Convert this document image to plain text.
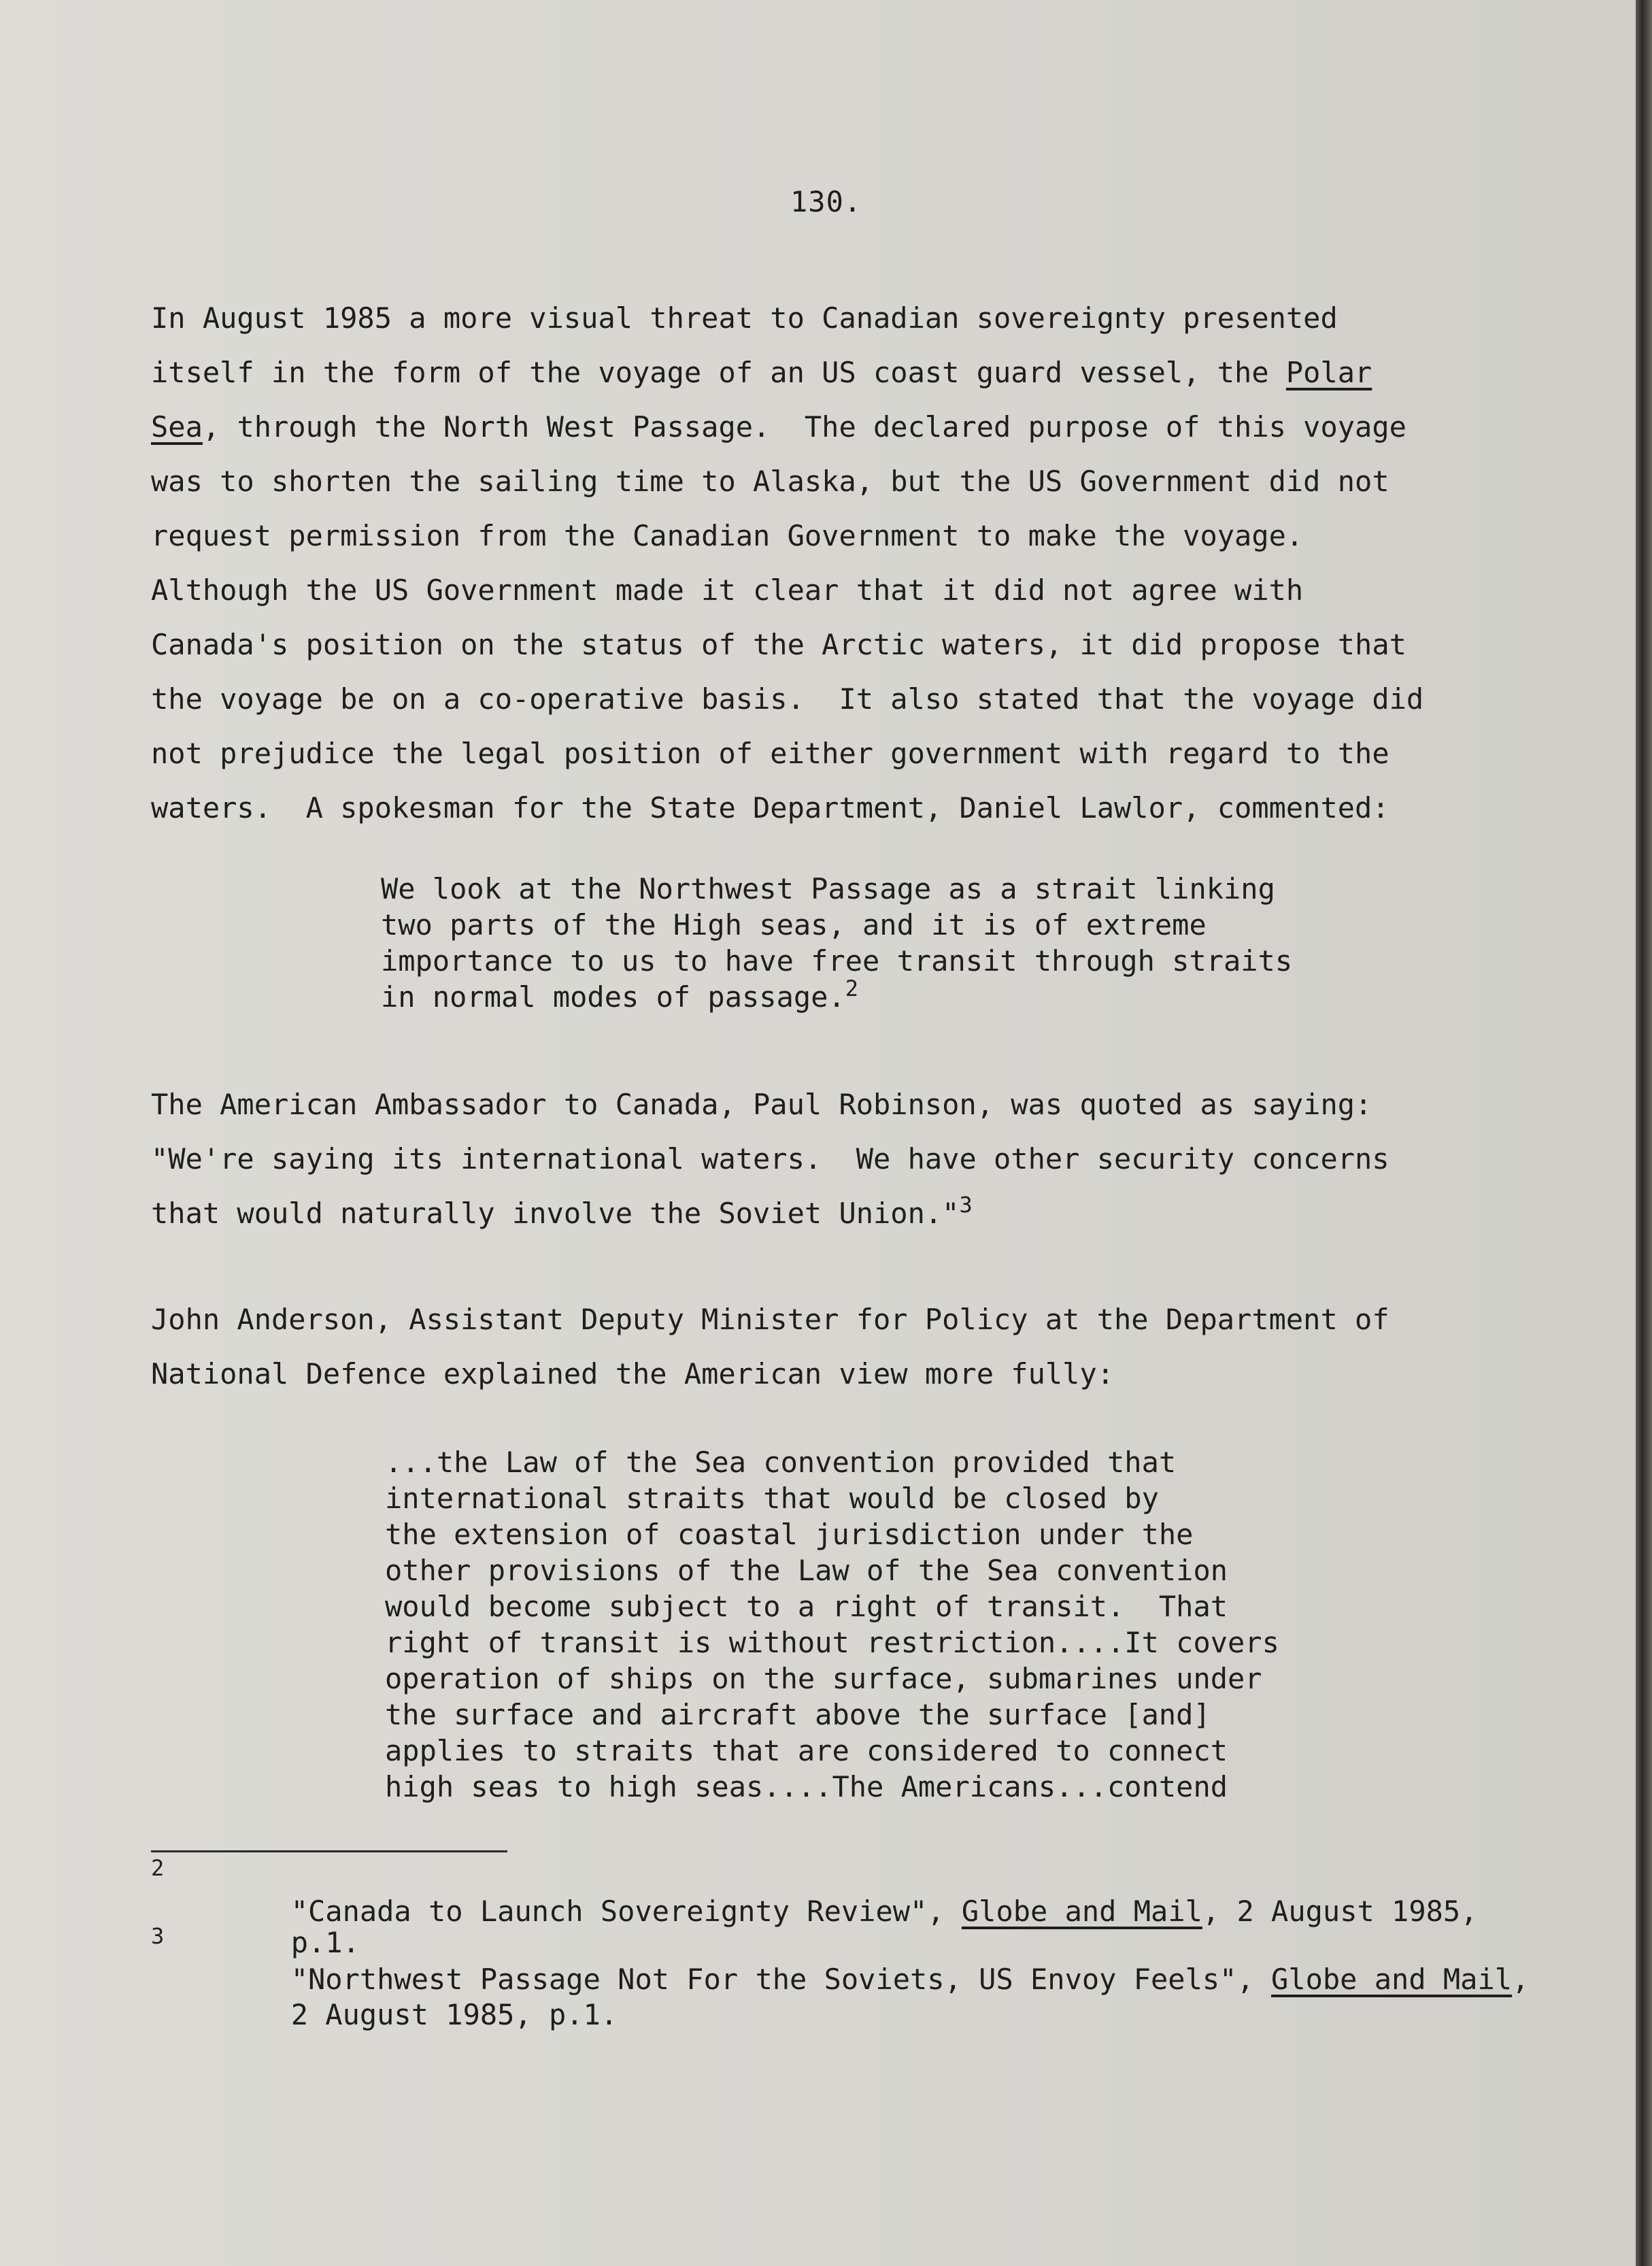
130.

In August 1985 a more visual threat to Canadian sovereignty presented

itself in the form of the voyage of an US coast guard vessel, the Polar

Sea, through the North West Passage.  The declared purpose of this voyage

was to shorten the sailing time to Alaska, but the US Government did not

request permission from the Canadian Government to make the voyage.

Although the US Government made it clear that it did not agree with

Canada's position on the status of the Arctic waters, it did propose that

the voyage be on a co-operative basis.  It also stated that the voyage did

not prejudice the legal position of either government with regard to the

waters.  A spokesman for the State Department, Daniel Lawlor, commented:

We look at the Northwest Passage as a strait linking

two parts of the High seas, and it is of extreme

importance to us to have free transit through straits

in normal modes of passage.$^2$

The American Ambassador to Canada, Paul Robinson, was quoted as saying:

"We're saying its international waters.  We have other security concerns

that would naturally involve the Soviet Union."$^3$

John Anderson, Assistant Deputy Minister for Policy at the Department of

National Defence explained the American view more fully:

...the Law of the Sea convention provided that

international straits that would be closed by

the extension of coastal jurisdiction under the

other provisions of the Law of the Sea convention

would become subject to a right of transit.  That

right of transit is without restriction....It covers

operation of ships on the surface, submarines under

the surface and aircraft above the surface [and]

applies to straits that are considered to connect

high seas to high seas....The Americans...contend

2
"Canada to Launch Sovereignty Review", Globe and Mail, 2 August 1985,

p.1.

3
"Northwest Passage Not For the Soviets, US Envoy Feels", Globe and Mail,

2 August 1985, p.1.
